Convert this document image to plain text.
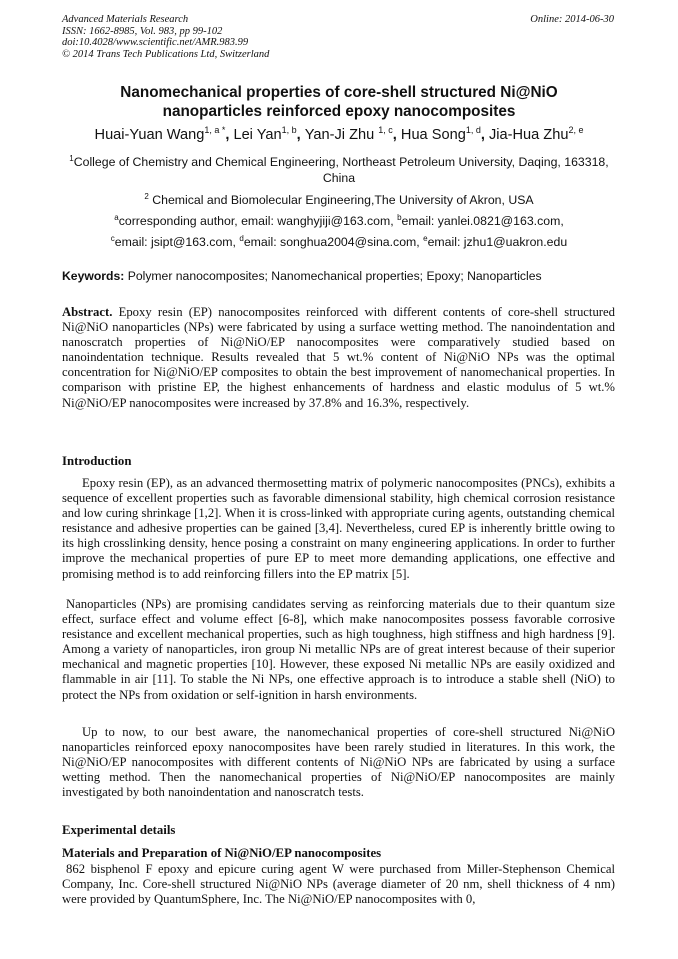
Advanced Materials Research
ISSN: 1662-8985, Vol. 983, pp 99-102
doi:10.4028/www.scientific.net/AMR.983.99
© 2014 Trans Tech Publications Ltd, Switzerland
Online: 2014-06-30
Nanomechanical properties of core-shell structured Ni@NiO
nanoparticles reinforced epoxy nanocomposites
Huai-Yuan Wang$^{1, a *}$, Lei Yan$^{1, b}$, Yan-Ji Zhu $^{1, c}$, Hua Song$^{1, d}$, Jia-Hua Zhu$^{2, e}$
$^1$College of Chemistry and Chemical Engineering, Northeast Petroleum University, Daqing, 163318, China
$^2$ Chemical and Biomolecular Engineering,The University of Akron, USA
$^a$corresponding author, email: wanghyjiji@163.com, $^b$email: yanlei.0821@163.com,
$^c$email: jsipt@163.com, $^d$email: songhua2004@sina.com, $^e$email: jzhu1@uakron.edu
Keywords: Polymer nanocomposites; Nanomechanical properties; Epoxy; Nanoparticles
Abstract. Epoxy resin (EP) nanocomposites reinforced with different contents of core-shell structured Ni@NiO nanoparticles (NPs) were fabricated by using a surface wetting method. The nanoindentation and nanoscratch properties of Ni@NiO/EP nanocomposites were comparatively studied based on nanoindentation technique. Results revealed that 5 wt.% content of Ni@NiO NPs was the optimal concentration for Ni@NiO/EP composites to obtain the best improvement of nanomechanical properties. In comparison with pristine EP, the highest enhancements of hardness and elastic modulus of 5 wt.% Ni@NiO/EP nanocomposites were increased by 37.8% and 16.3%, respectively.
Introduction
Epoxy resin (EP), as an advanced thermosetting matrix of polymeric nanocomposites (PNCs), exhibits a sequence of excellent properties such as favorable dimensional stability, high chemical corrosion resistance and low curing shrinkage [1,2]. When it is cross-linked with appropriate curing agents, outstanding chemical resistance and adhesive properties can be gained [3,4]. Nevertheless, cured EP is inherently brittle owing to its high crosslinking density, hence posing a constraint on many engineering applications. In order to further improve the mechanical properties of pure EP to meet more demanding applications, one effective and promising method is to add reinforcing fillers into the EP matrix [5].
Nanoparticles (NPs) are promising candidates serving as reinforcing materials due to their quantum size effect, surface effect and volume effect [6-8], which make nanocomposites possess favorable corrosive resistance and excellent mechanical properties, such as high toughness, high stiffness and high hardness [9]. Among a variety of nanoparticles, iron group Ni metallic NPs are of great interest because of their superior mechanical and magnetic properties [10]. However, these exposed Ni metallic NPs are easily oxidized and flammable in air [11]. To stable the Ni NPs, one effective approach is to introduce a stable shell (NiO) to protect the NPs from oxidation or self-ignition in harsh environments.
Up to now, to our best aware, the nanomechanical properties of core-shell structured Ni@NiO nanoparticles reinforced epoxy nanocomposites have been rarely studied in literatures. In this work, the Ni@NiO/EP nanocomposites with different contents of Ni@NiO NPs are fabricated by using a surface wetting method. Then the nanomechanical properties of Ni@NiO/EP nanocomposites are mainly investigated by both nanoindentation and nanoscratch tests.
Experimental details
Materials and Preparation of Ni@NiO/EP nanocomposites
862 bisphenol F epoxy and epicure curing agent W were purchased from Miller-Stephenson Chemical Company, Inc. Core-shell structured Ni@NiO NPs (average diameter of 20 nm, shell thickness of 4 nm) were provided by QuantumSphere, Inc. The Ni@NiO/EP nanocomposites with 0,
